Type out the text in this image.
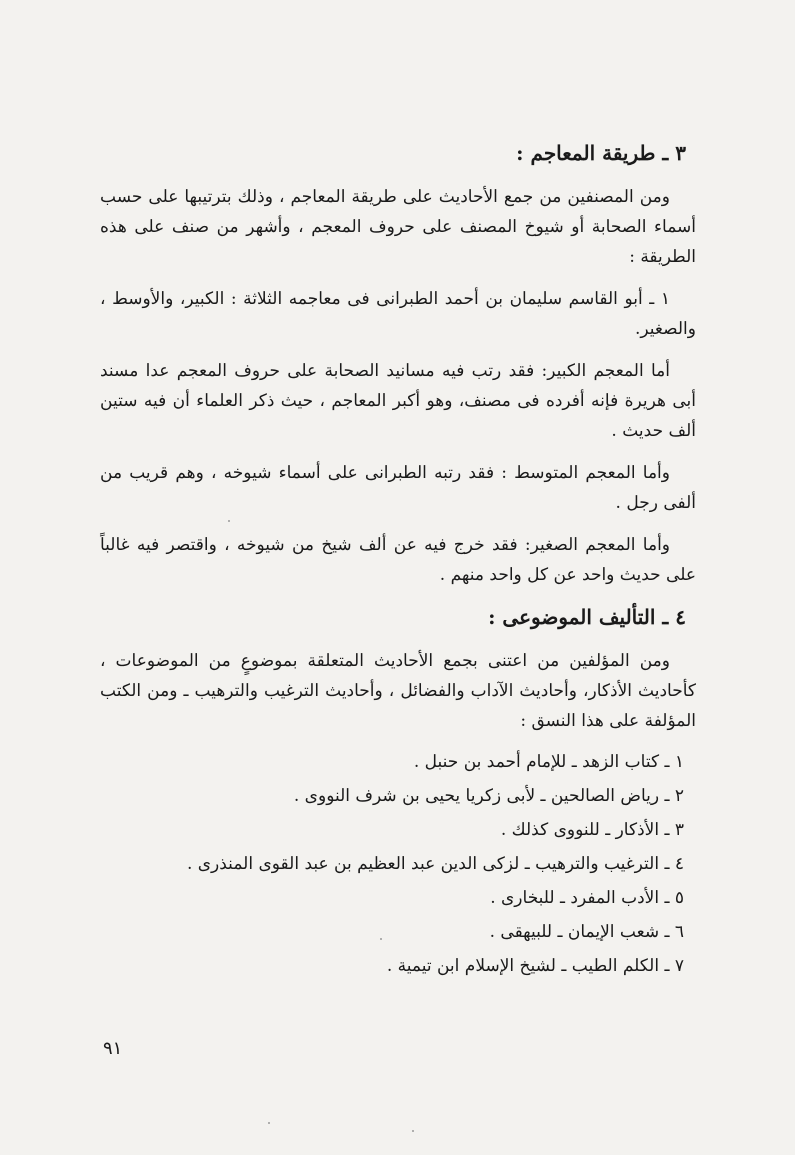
٣ ـ طريقة المعاجم :

ومن المصنفين من جمع الأحاديث على طريقة المعاجم ، وذلك بترتيبها على حسب أسماء الصحابة أو شيوخ المصنف على حروف المعجم ، وأشهر من صنف على هذه الطريقة :

١ ـ أبو القاسم سليمان بن أحمد الطبرانى فى معاجمه الثلاثة : الكبير، والأوسط ، والصغير.

أما المعجم الكبير: فقد رتب فيه مسانيد الصحابة على حروف المعجم عدا مسند أبى هريرة فإنه أفرده فى مصنف، وهو أكبر المعاجم ، حيث ذكر العلماء أن فيه ستين ألف حديث .

وأما المعجم المتوسط : فقد رتبه الطبرانى على أسماء شيوخه ، وهم قريب من ألفى رجل .

وأما المعجم الصغير: فقد خرج فيه عن ألف شيخ من شيوخه ، واقتصر فيه غالباً على حديث واحد عن كل واحد منهم .

٤ ـ التأليف الموضوعى :

ومن المؤلفين من اعتنى بجمع الأحاديث المتعلقة بموضوعٍ من الموضوعات ، كأحاديث الأذكار، وأحاديث الآداب والفضائل ، وأحاديث الترغيب والترهيب ـ ومن الكتب المؤلفة على هذا النسق :

١ ـ كتاب الزهد ـ للإمام أحمد بن حنبل .
٢ ـ رياض الصالحين ـ لأبى زكريا يحيى بن شرف النووى .
٣ ـ الأذكار ـ للنووى كذلك .
٤ ـ الترغيب والترهيب ـ لزكى الدين عبد العظيم بن عبد القوى المنذرى .
٥ ـ الأدب المفرد ـ للبخارى .
٦ ـ شعب الإيمان ـ للبيهقى .
٧ ـ الكلم الطيب ـ لشيخ الإسلام ابن تيمية .
٩١
